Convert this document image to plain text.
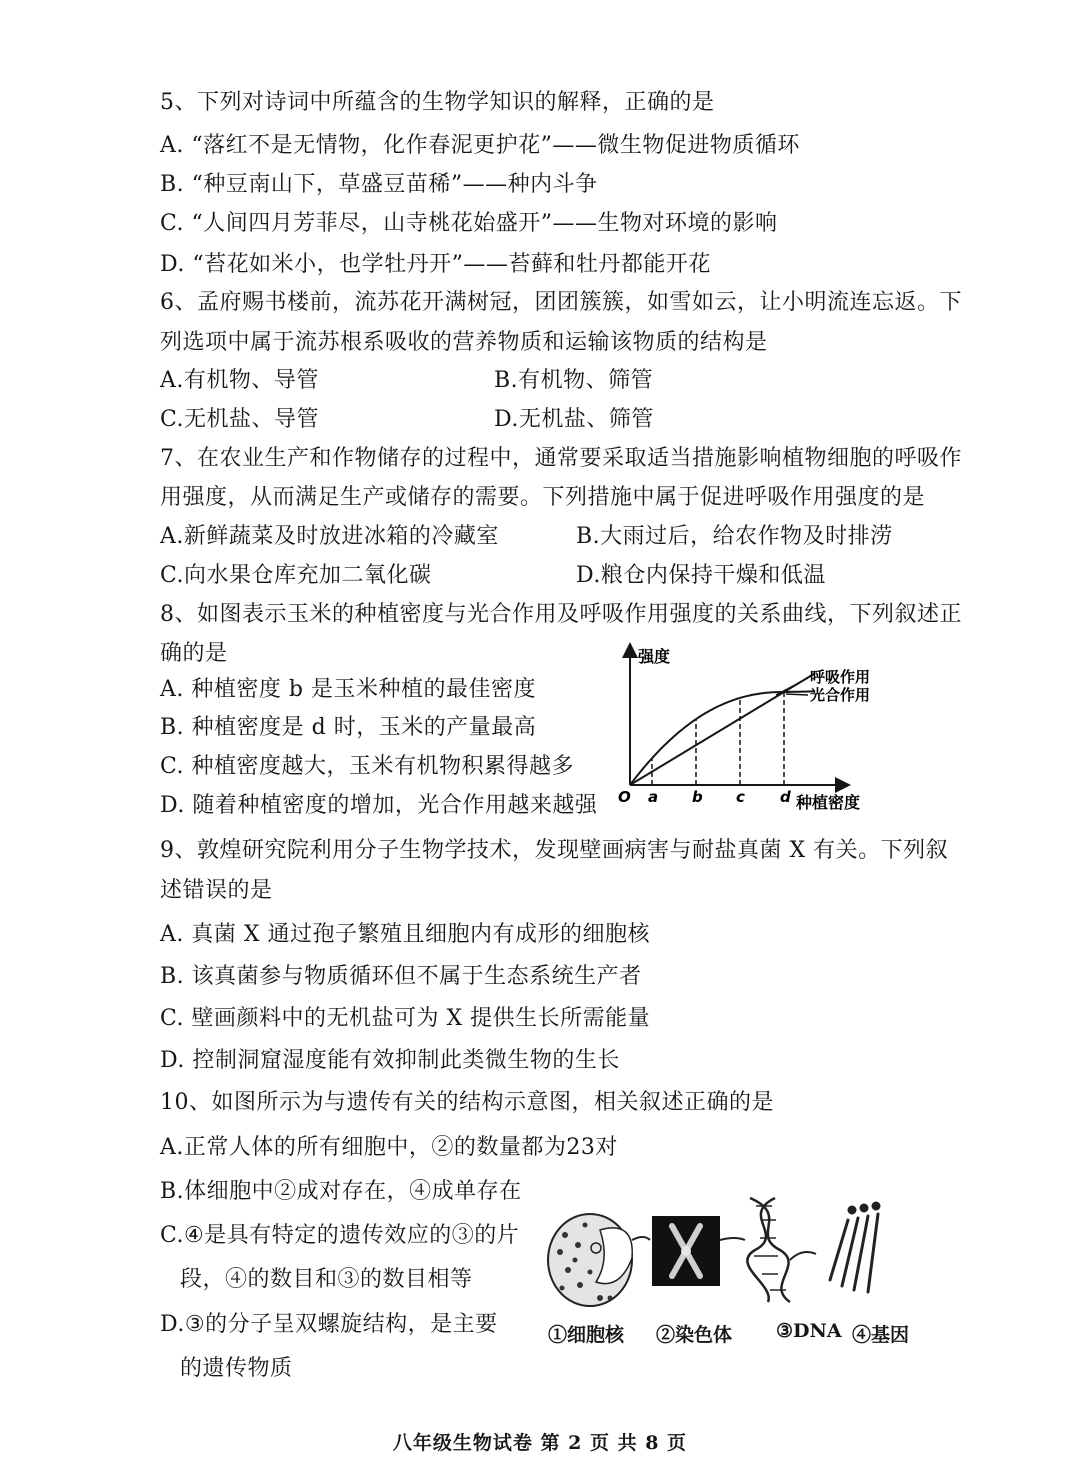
5、下列对诗词中所蕴含的生物学知识的解释，正确的是
A. “落红不是无情物，化作春泥更护花”——微生物促进物质循环
B. “种豆南山下，草盛豆苗稀”——种内斗争
C. “人间四月芳菲尽，山寺桃花始盛开”——生物对环境的影响
D. “苔花如米小，也学牡丹开”——苔藓和牡丹都能开花
6、孟府赐书楼前，流苏花开满树冠，团团簇簇，如雪如云，让小明流连忘返。下
列选项中属于流苏根系吸收的营养物质和运输该物质的结构是
A.有机物、导管	B.有机物、筛管
C.无机盐、导管	D.无机盐、筛管
7、在农业生产和作物储存的过程中，通常要采取适当措施影响植物细胞的呼吸作
用强度，从而满足生产或储存的需要。下列措施中属于促进呼吸作用强度的是
A.新鲜蔬菜及时放进冰箱的冷藏室	B.大雨过后，给农作物及时排涝
C.向水果仓库充加二氧化碳	D.粮仓内保持干燥和低温
8、如图表示玉米的种植密度与光合作用及呼吸作用强度的关系曲线，下列叙述正
确的是
A. 种植密度 b 是玉米种植的最佳密度
B. 种植密度是 d 时，玉米的产量最高
C. 种植密度越大，玉米有机物积累得越多
D. 随着种植密度的增加，光合作用越来越强
强度
种植密度
O a b c d
呼吸作用
光合作用
9、敦煌研究院利用分子生物学技术，发现壁画病害与耐盐真菌 X 有关。下列叙
述错误的是
A. 真菌 X 通过孢子繁殖且细胞内有成形的细胞核
B. 该真菌参与物质循环但不属于生态系统生产者
C. 壁画颜料中的无机盐可为 X 提供生长所需能量
D. 控制洞窟湿度能有效抑制此类微生物的生长
10、如图所示为与遗传有关的结构示意图，相关叙述正确的是
A.正常人体的所有细胞中，②的数量都为23对
B.体细胞中②成对存在，④成单存在
C.④是具有特定的遗传效应的③的片
段，④的数目和③的数目相等
D.③的分子呈双螺旋结构，是主要
的遗传物质
①细胞核 ②染色体 ③DNA ④基因
八年级生物试卷 第 2 页 共 8 页
